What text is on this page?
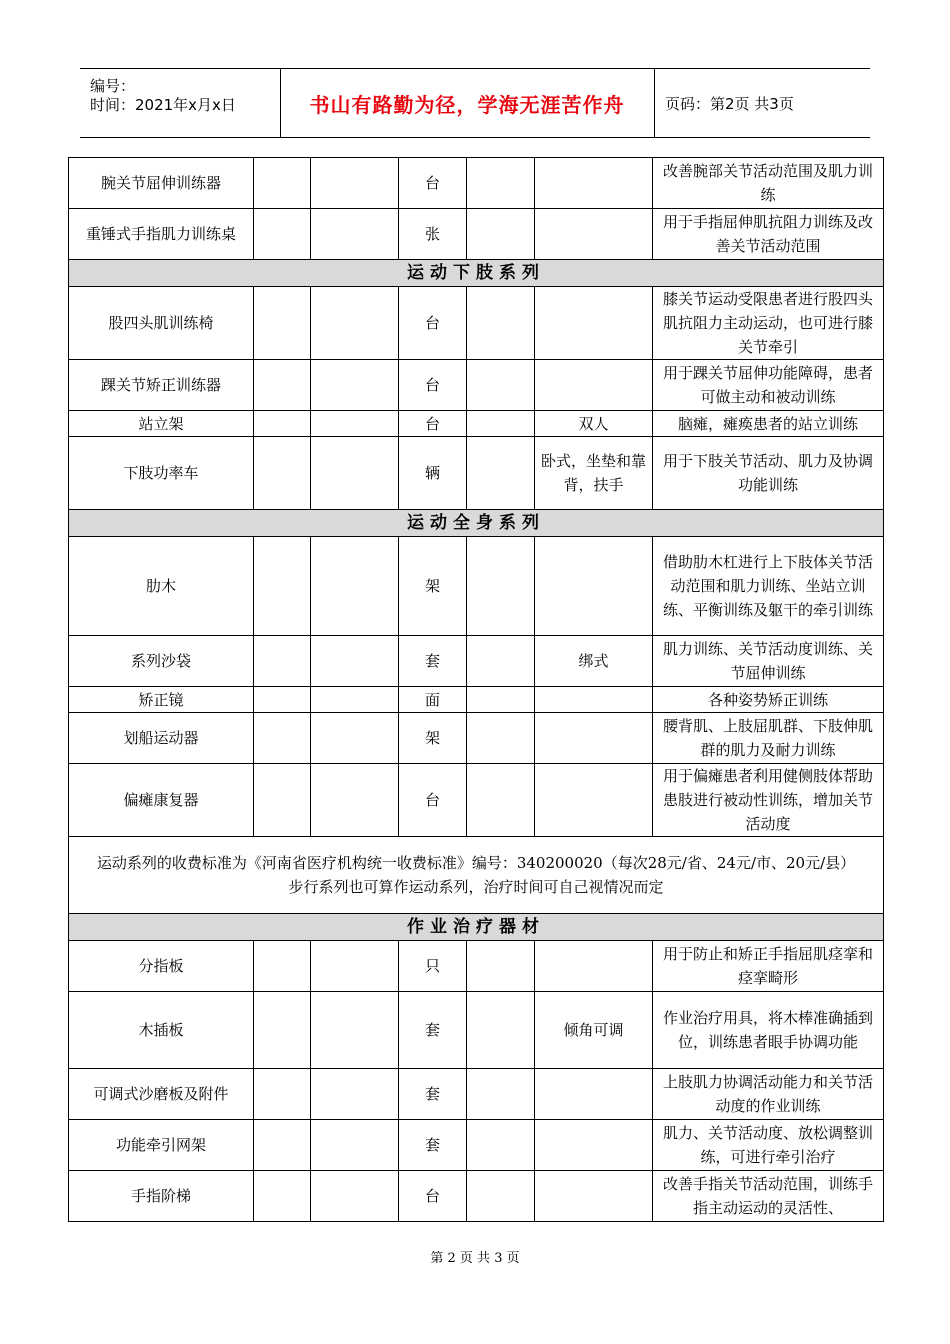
编号：
时间：2021年x月x日	书山有路勤为径，学海无涯苦作舟	页码：第2页 共3页
腕关节屈伸训练器			台			改善腕部关节活动范围及肌力训练
重锤式手指肌力训练桌			张			用于手指屈伸肌抗阻力训练及改善关节活动范围
运动下肢系列						
股四头肌训练椅			台			膝关节运动受限患者进行股四头肌抗阻力主动运动，也可进行膝关节牵引
踝关节矫正训练器			台			用于踝关节屈伸功能障碍，患者可做主动和被动训练
站立架			台		双人	脑瘫，瘫痪患者的站立训练
下肢功率车			辆		卧式，坐垫和靠背，扶手	用于下肢关节活动、肌力及协调功能训练
运动全身系列						
肋木			架			借助肋木杠进行上下肢体关节活动范围和肌力训练、坐站立训练、平衡训练及躯干的牵引训练
系列沙袋			套		绑式	肌力训练、关节活动度训练、关节屈伸训练
矫正镜			面			各种姿势矫正训练
划船运动器			架			腰背肌、上肢屈肌群、下肢伸肌群的肌力及耐力训练
偏瘫康复器			台			用于偏瘫患者利用健侧肢体帮助患肢进行被动性训练，增加关节活动度

运动系列的收费标准为《河南省医疗机构统一收费标准》编号：340200020（每次28元/省、24元/市、20元/县）
步行系列也可算作运动系列，治疗时间可自己视情况而定						

作业治疗器材						
分指板			只			用于防止和矫正手指屈肌痉挛和痉挛畸形
木插板			套		倾角可调	作业治疗用具，将木棒准确插到位，训练患者眼手协调功能
可调式沙磨板及附件			套			上肢肌力协调活动能力和关节活动度的作业训练
功能牵引网架			套			肌力、关节活动度、放松调整训练，可进行牵引治疗
手指阶梯			台			改善手指关节活动范围，训练手指主动运动的灵活性、
第 2 页 共 3 页
